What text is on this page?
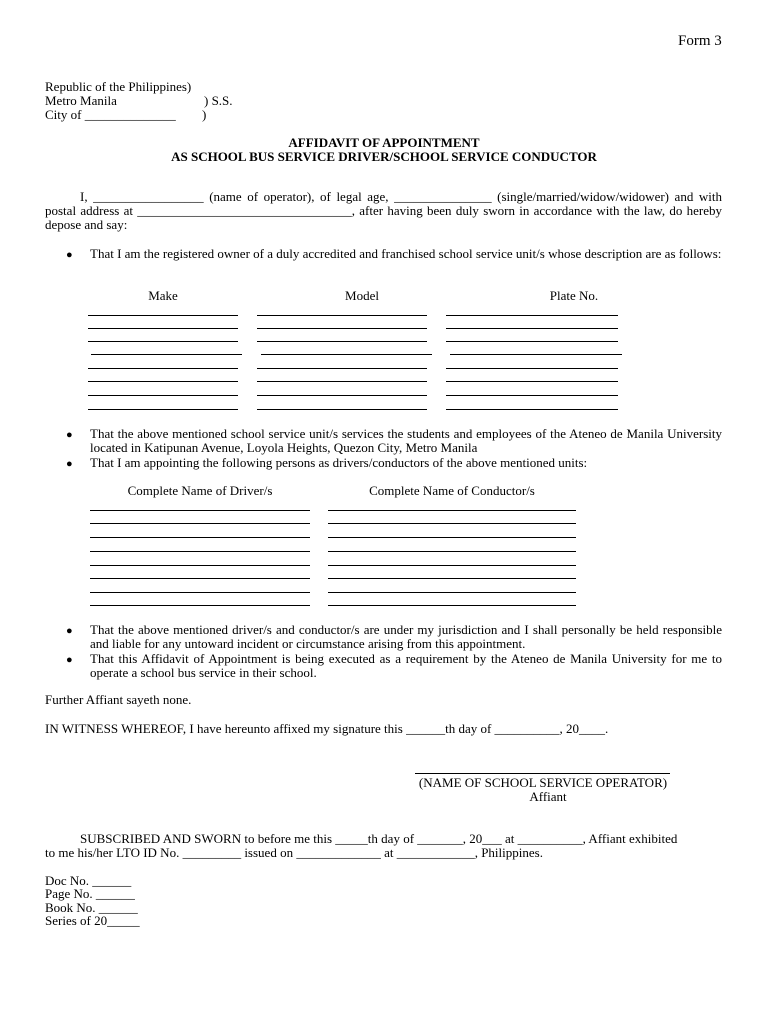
Form 3
Republic of the Philippines)
Metro Manila	) S.S.
City of ______________ )
AFFIDAVIT OF APPOINTMENT
AS SCHOOL BUS SERVICE DRIVER/SCHOOL SERVICE CONDUCTOR
I, _________________ (name of operator), of legal age, _______________ (single/married/widow/widower) and with postal address at _________________________________, after having been duly sworn in accordance with the law, do hereby depose and say:
● That I am the registered owner of a duly accredited and franchised school service unit/s whose description are as follows:
Make	Model	Plate No.
● That the above mentioned school service unit/s services the students and employees of the Ateneo de Manila University located in Katipunan Avenue, Loyola Heights, Quezon City, Metro Manila
● That I am appointing the following persons as drivers/conductors of the above mentioned units:
Complete Name of Driver/s	Complete Name of Conductor/s
● That the above mentioned driver/s and conductor/s are under my jurisdiction and I shall personally be held responsible and liable for any untoward incident or circumstance arising from this appointment.
● That this Affidavit of Appointment is being executed as a requirement by the Ateneo de Manila University for me to operate a school bus service in their school.
Further Affiant sayeth none.
IN WITNESS WHEREOF, I have hereunto affixed my signature this ______th day of __________, 20____.
(NAME OF SCHOOL SERVICE OPERATOR)
Affiant
SUBSCRIBED AND SWORN to before me this _____th day of _______, 20___ at __________, Affiant exhibited to me his/her LTO ID No. _________ issued on _____________ at ____________, Philippines.
Doc No. ______
Page No. ______
Book No. ______
Series of 20_____
